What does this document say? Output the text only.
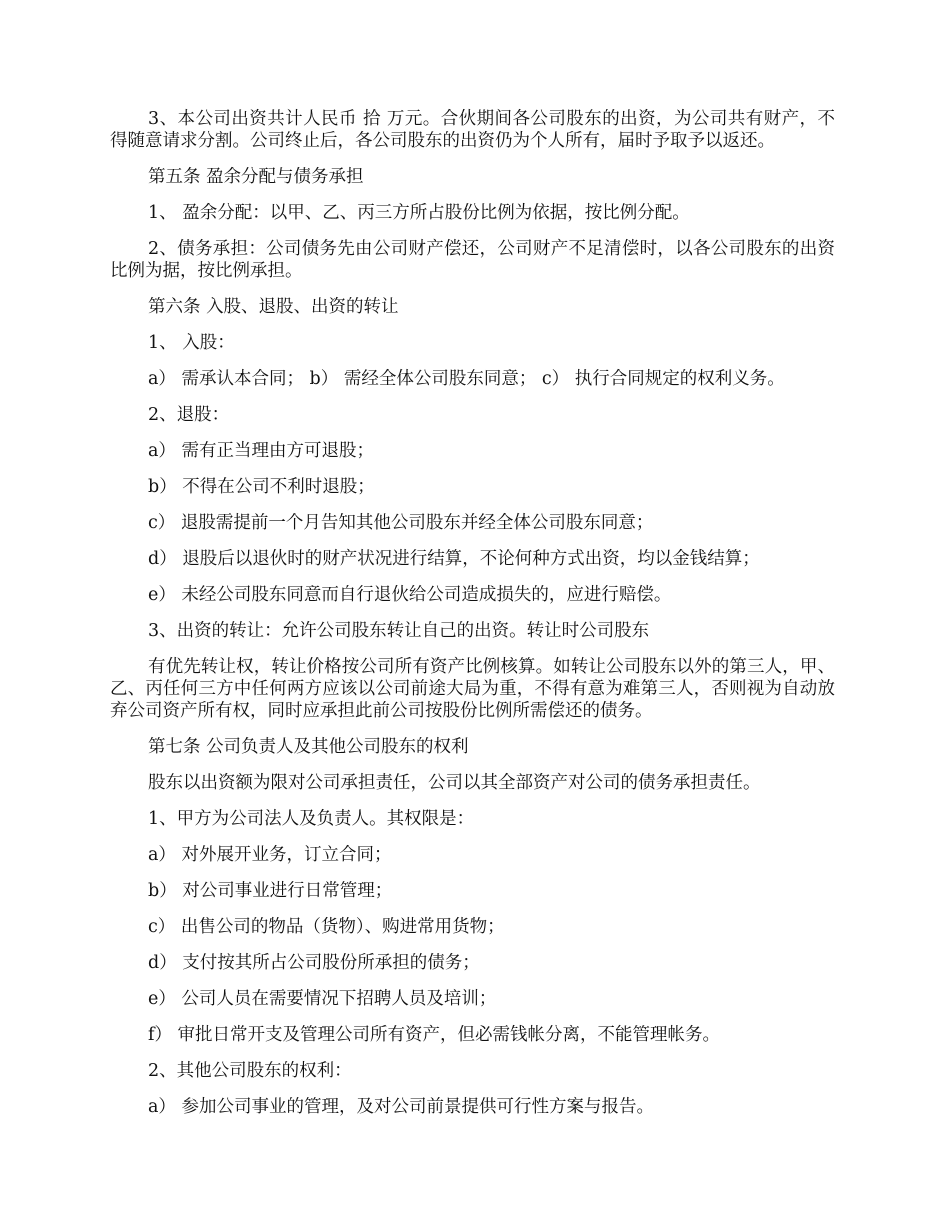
3、本公司出资共计人民币 拾 万元。合伙期间各公司股东的出资，为公司共有财产，不得随意请求分割。公司终止后，各公司股东的出资仍为个人所有，届时予取予以返还。

第五条 盈余分配与债务承担

1、 盈余分配：以甲、乙、丙三方所占股份比例为依据，按比例分配。

2、债务承担：公司债务先由公司财产偿还，公司财产不足清偿时，以各公司股东的出资比例为据，按比例承担。

第六条 入股、退股、出资的转让

1、 入股：

a） 需承认本合同； b） 需经全体公司股东同意； c） 执行合同规定的权利义务。

2、退股：

a） 需有正当理由方可退股；

b） 不得在公司不利时退股；

c） 退股需提前一个月告知其他公司股东并经全体公司股东同意；

d） 退股后以退伙时的财产状况进行结算，不论何种方式出资，均以金钱结算；

e） 未经公司股东同意而自行退伙给公司造成损失的，应进行赔偿。

3、出资的转让：允许公司股东转让自己的出资。转让时公司股东

有优先转让权，转让价格按公司所有资产比例核算。如转让公司股东以外的第三人，甲、乙、丙任何三方中任何两方应该以公司前途大局为重，不得有意为难第三人，否则视为自动放弃公司资产所有权，同时应承担此前公司按股份比例所需偿还的债务。

第七条 公司负责人及其他公司股东的权利

股东以出资额为限对公司承担责任，公司以其全部资产对公司的债务承担责任。

1、甲方为公司法人及负责人。其权限是：

a） 对外展开业务，订立合同；

b） 对公司事业进行日常管理；

c） 出售公司的物品（货物）、购进常用货物；

d） 支付按其所占公司股份所承担的债务；

e） 公司人员在需要情况下招聘人员及培训；

f） 审批日常开支及管理公司所有资产，但必需钱帐分离，不能管理帐务。

2、其他公司股东的权利：

a） 参加公司事业的管理，及对公司前景提供可行性方案与报告。
